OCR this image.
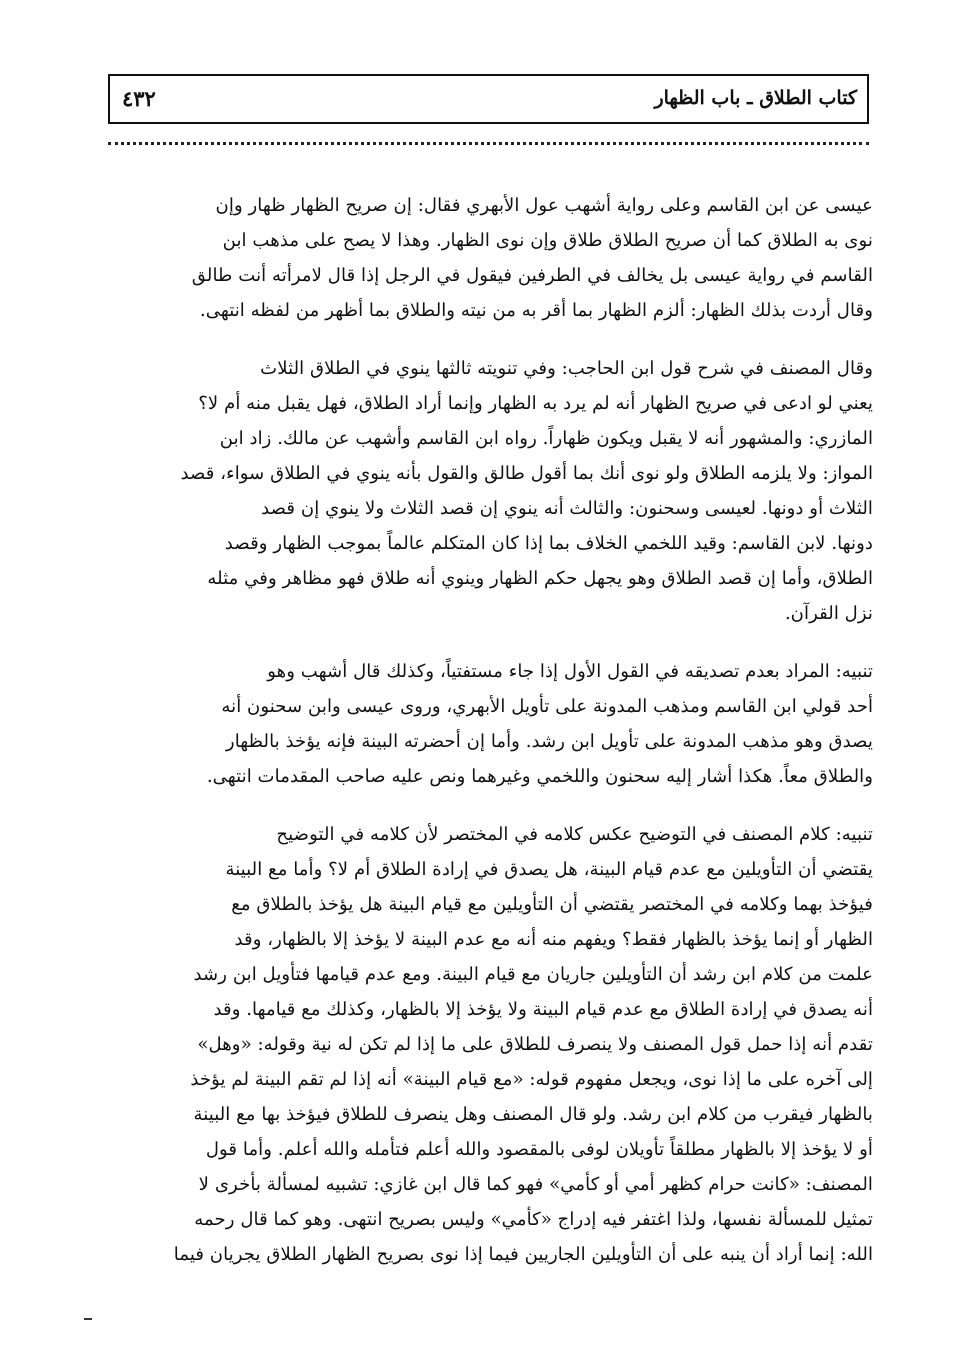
كتاب الطلاق ـ باب الظهار
٤٣٢
عيسى عن ابن القاسم وعلى رواية أشهب عول الأبهري فقال: إن صريح الظهار ظهار وإن
نوى به الطلاق كما أن صريح الطلاق طلاق وإن نوى الظهار. وهذا لا يصح على مذهب ابن
القاسم في رواية عيسى بل يخالف في الطرفين فيقول في الرجل إذا قال لامرأته أنت طالق
وقال أردت بذلك الظهار: ألزم الظهار بما أقر به من نيته والطلاق بما أظهر من لفظه انتهى.
وقال المصنف في شرح قول ابن الحاجب: وفي تنويته ثالثها ينوي في الطلاق الثلاث
يعني لو ادعى في صريح الظهار أنه لم يرد به الظهار وإنما أراد الطلاق، فهل يقبل منه أم لا؟
المازري: والمشهور أنه لا يقبل ويكون ظهاراً. رواه ابن القاسم وأشهب عن مالك. زاد ابن
المواز: ولا يلزمه الطلاق ولو نوى أنك بما أقول طالق والقول بأنه ينوي في الطلاق سواء، قصد
الثلاث أو دونها. لعيسى وسحنون: والثالث أنه ينوي إن قصد الثلاث ولا ينوي إن قصد
دونها. لابن القاسم: وقيد اللخمي الخلاف بما إذا كان المتكلم عالماً بموجب الظهار وقصد
الطلاق، وأما إن قصد الطلاق وهو يجهل حكم الظهار وينوي أنه طلاق فهو مظاهر وفي مثله
نزل القرآن.
تنبيه: المراد بعدم تصديقه في القول الأول إذا جاء مستفتياً، وكذلك قال أشهب وهو
أحد قولي ابن القاسم ومذهب المدونة على تأويل الأبهري، وروى عيسى وابن سحنون أنه
يصدق وهو مذهب المدونة على تأويل ابن رشد. وأما إن أحضرته البينة فإنه يؤخذ بالظهار
والطلاق معاً. هكذا أشار إليه سحنون واللخمي وغيرهما ونص عليه صاحب المقدمات انتهى.
تنبيه: كلام المصنف في التوضيح عكس كلامه في المختصر لأن كلامه في التوضيح
يقتضي أن التأويلين مع عدم قيام البينة، هل يصدق في إرادة الطلاق أم لا؟ وأما مع البينة
فيؤخذ بهما وكلامه في المختصر يقتضي أن التأويلين مع قيام البينة هل يؤخذ بالطلاق مع
الظهار أو إنما يؤخذ بالظهار فقط؟ ويفهم منه أنه مع عدم البينة لا يؤخذ إلا بالظهار، وقد
علمت من كلام ابن رشد أن التأويلين جاريان مع قيام البينة. ومع عدم قيامها فتأويل ابن رشد
أنه يصدق في إرادة الطلاق مع عدم قيام البينة ولا يؤخذ إلا بالظهار، وكذلك مع قيامها. وقد
تقدم أنه إذا حمل قول المصنف ولا ينصرف للطلاق على ما إذا لم تكن له نية وقوله: «وهل»
إلى آخره على ما إذا نوى، ويجعل مفهوم قوله: «مع قيام البينة» أنه إذا لم تقم البينة لم يؤخذ
بالظهار فيقرب من كلام ابن رشد. ولو قال المصنف وهل ينصرف للطلاق فيؤخذ بها مع البينة
أو لا يؤخذ إلا بالظهار مطلقاً تأويلان لوفى بالمقصود والله أعلم فتأمله والله أعلم. وأما قول
المصنف: «كانت حرام كظهر أمي أو كأمي» فهو كما قال ابن غازي: تشبيه لمسألة بأخرى لا
تمثيل للمسألة نفسها، ولذا اغتفر فيه إدراج «كأمي» وليس بصريح انتهى. وهو كما قال رحمه
الله: إنما أراد أن ينبه على أن التأويلين الجاريين فيما إذا نوى بصريح الظهار الطلاق يجريان فيما
